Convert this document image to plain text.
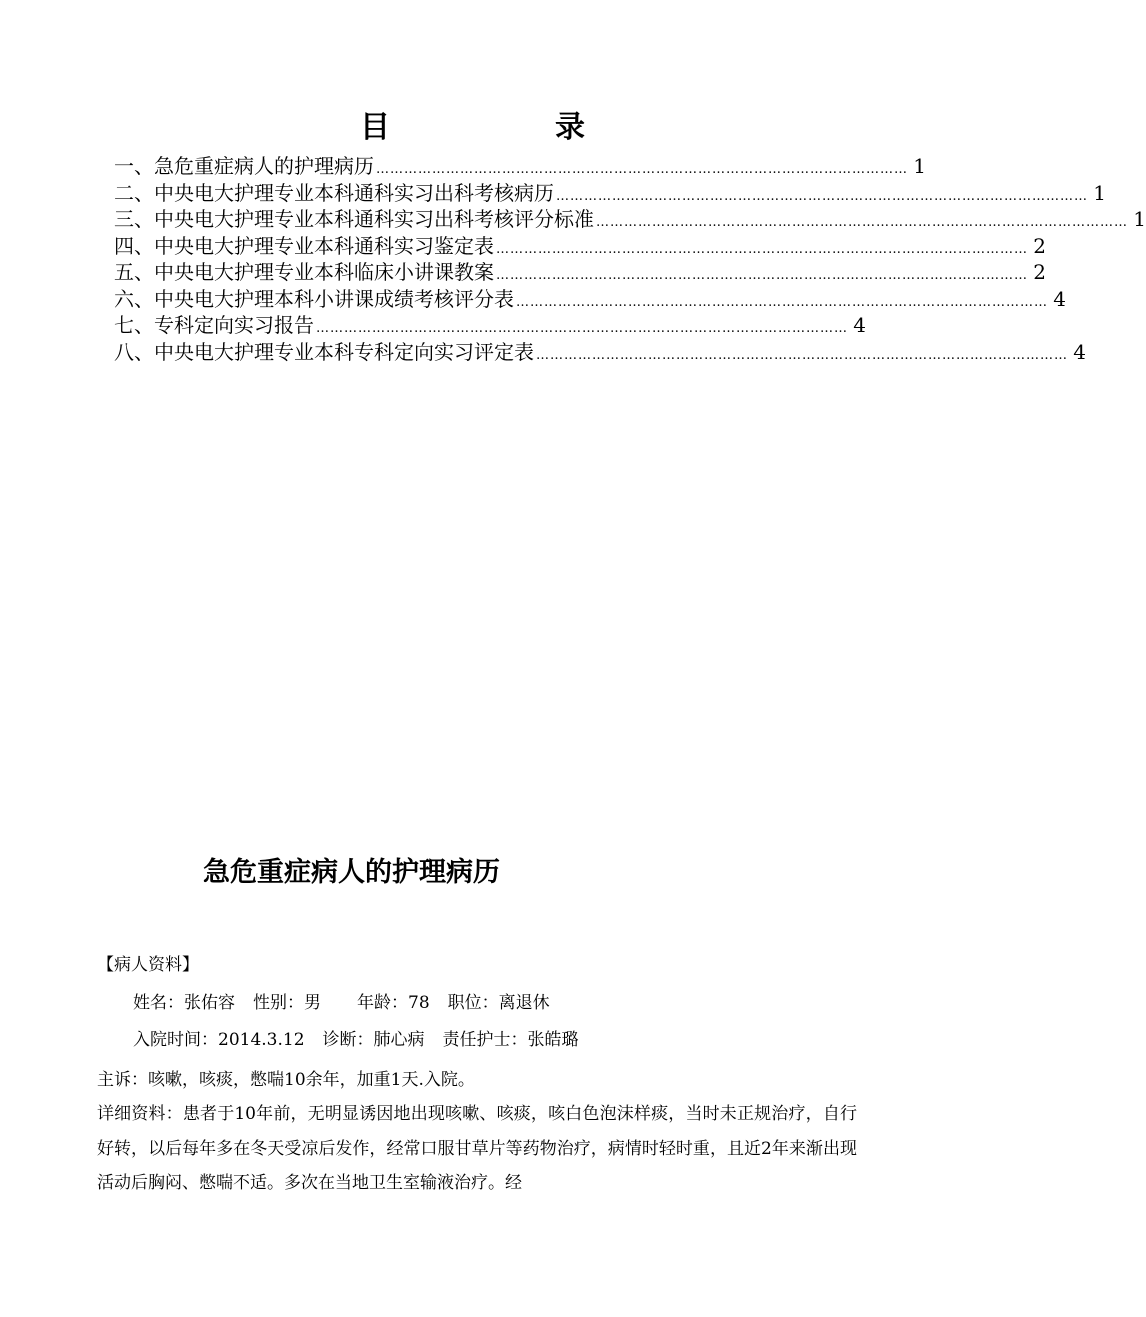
目	录
一、急危重症病人的护理病历 …………………………………………………………………………………………………… 1
二、中央电大护理专业本科通科实习出科考核病历 …………………………………………………………………………………………………… 1
三、中央电大护理专业本科通科实习出科考核评分标准 …………………………………………………………………………………………………… 1
四、中央电大护理专业本科通科实习鉴定表 …………………………………………………………………………………………………… 2
五、中央电大护理专业本科临床小讲课教案 …………………………………………………………………………………………………… 2
六、中央电大护理本科小讲课成绩考核评分表 …………………………………………………………………………………………………… 4
七、专科定向实习报告 …………………………………………………………………………………………………… 4
八、中央电大护理专业本科专科定向实习评定表 …………………………………………………………………………………………………… 4
急危重症病人的护理病历
【病人资料】
姓名：张佑容 性别：男 年龄：78 职位：离退休
入院时间：2014.3.12 诊断：肺心病 责任护士：张皓璐
主诉：咳嗽，咳痰，憋喘10余年，加重1天.入院。
详细资料：患者于10年前，无明显诱因地出现咳嗽、咳痰，咳白色泡沫样痰，当时未正规治疗，自行好转，以后每年多在冬天受凉后发作，经常口服甘草片等药物治疗，病情时轻时重，且近2年来渐出现活动后胸闷、憋喘不适。多次在当地卫生室输液治疗。经
